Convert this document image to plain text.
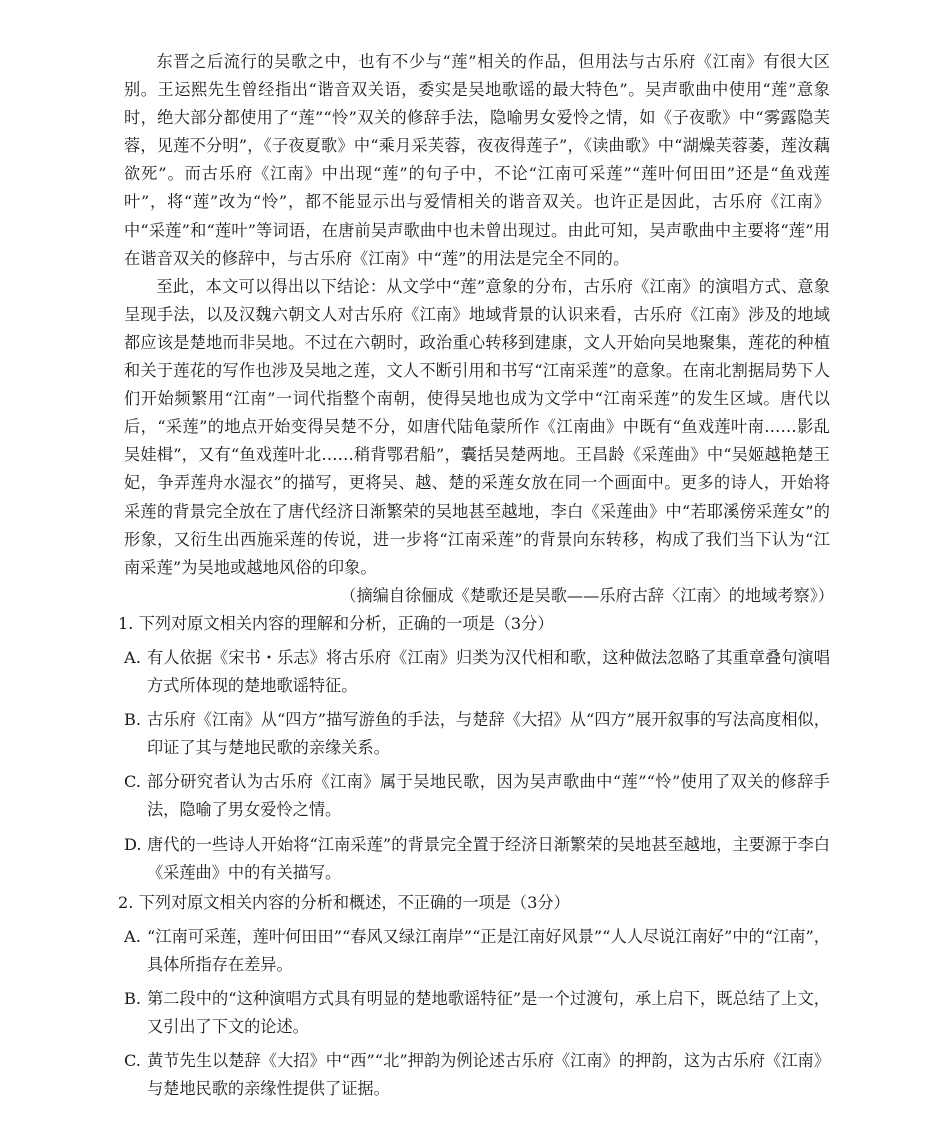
东晋之后流行的吴歌之中，也有不少与“莲”相关的作品，但用法与古乐府《江南》有很大区别。王运熙先生曾经指出“谐音双关语，委实是吴地歌谣的最大特色”。吴声歌曲中使用“莲”意象时，绝大部分都使用了“莲”“怜”双关的修辞手法，隐喻男女爱怜之情，如《子夜歌》中“雾露隐芙蓉，见莲不分明”，《子夜夏歌》中“乘月采芙蓉，夜夜得莲子”，《读曲歌》中“湖燥芙蓉萎，莲汝藕欲死”。而古乐府《江南》中出现“莲”的句子中，不论“江南可采莲”“莲叶何田田”还是“鱼戏莲叶”，将“莲”改为“怜”，都不能显示出与爱情相关的谐音双关。也许正是因此，古乐府《江南》中“采莲”和“莲叶”等词语，在唐前吴声歌曲中也未曾出现过。由此可知，吴声歌曲中主要将“莲”用在谐音双关的修辞中，与古乐府《江南》中“莲”的用法是完全不同的。

至此，本文可以得出以下结论：从文学中“莲”意象的分布，古乐府《江南》的演唱方式、意象呈现手法，以及汉魏六朝文人对古乐府《江南》地域背景的认识来看，古乐府《江南》涉及的地域都应该是楚地而非吴地。不过在六朝时，政治重心转移到建康，文人开始向吴地聚集，莲花的种植和关于莲花的写作也涉及吴地之莲，文人不断引用和书写“江南采莲”的意象。在南北割据局势下人们开始频繁用“江南”一词代指整个南朝，使得吴地也成为文学中“江南采莲”的发生区域。唐代以后，“采莲”的地点开始变得吴楚不分，如唐代陆龟蒙所作《江南曲》中既有“鱼戏莲叶南……影乱吴娃楫”，又有“鱼戏莲叶北……稍背鄂君船”，囊括吴楚两地。王昌龄《采莲曲》中“吴姬越艳楚王妃，争弄莲舟水湿衣”的描写，更将吴、越、楚的采莲女放在同一个画面中。更多的诗人，开始将采莲的背景完全放在了唐代经济日渐繁荣的吴地甚至越地，李白《采莲曲》中“若耶溪傍采莲女”的形象，又衍生出西施采莲的传说，进一步将“江南采莲”的背景向东转移，构成了我们当下认为“江南采莲”为吴地或越地风俗的印象。

（摘编自徐俪成《楚歌还是吴歌——乐府古辞〈江南〉的地域考察》）

1. 下列对原文相关内容的理解和分析，正确的一项是（3分）

A. 有人依据《宋书・乐志》将古乐府《江南》归类为汉代相和歌，这种做法忽略了其重章叠句演唱方式所体现的楚地歌谣特征。
B. 古乐府《江南》从“四方”描写游鱼的手法，与楚辞《大招》从“四方”展开叙事的写法高度相似，印证了其与楚地民歌的亲缘关系。
C. 部分研究者认为古乐府《江南》属于吴地民歌，因为吴声歌曲中“莲”“怜”使用了双关的修辞手法，隐喻了男女爱怜之情。
D. 唐代的一些诗人开始将“江南采莲”的背景完全置于经济日渐繁荣的吴地甚至越地，主要源于李白《采莲曲》中的有关描写。

2. 下列对原文相关内容的分析和概述，不正确的一项是（3分）

A. “江南可采莲，莲叶何田田”“春风又绿江南岸”“正是江南好风景”“人人尽说江南好”中的“江南”，具体所指存在差异。
B. 第二段中的“这种演唱方式具有明显的楚地歌谣特征”是一个过渡句，承上启下，既总结了上文，又引出了下文的论述。
C. 黄节先生以楚辞《大招》中“西”“北”押韵为例论述古乐府《江南》的押韵，这为古乐府《江南》与楚地民歌的亲缘性提供了证据。
